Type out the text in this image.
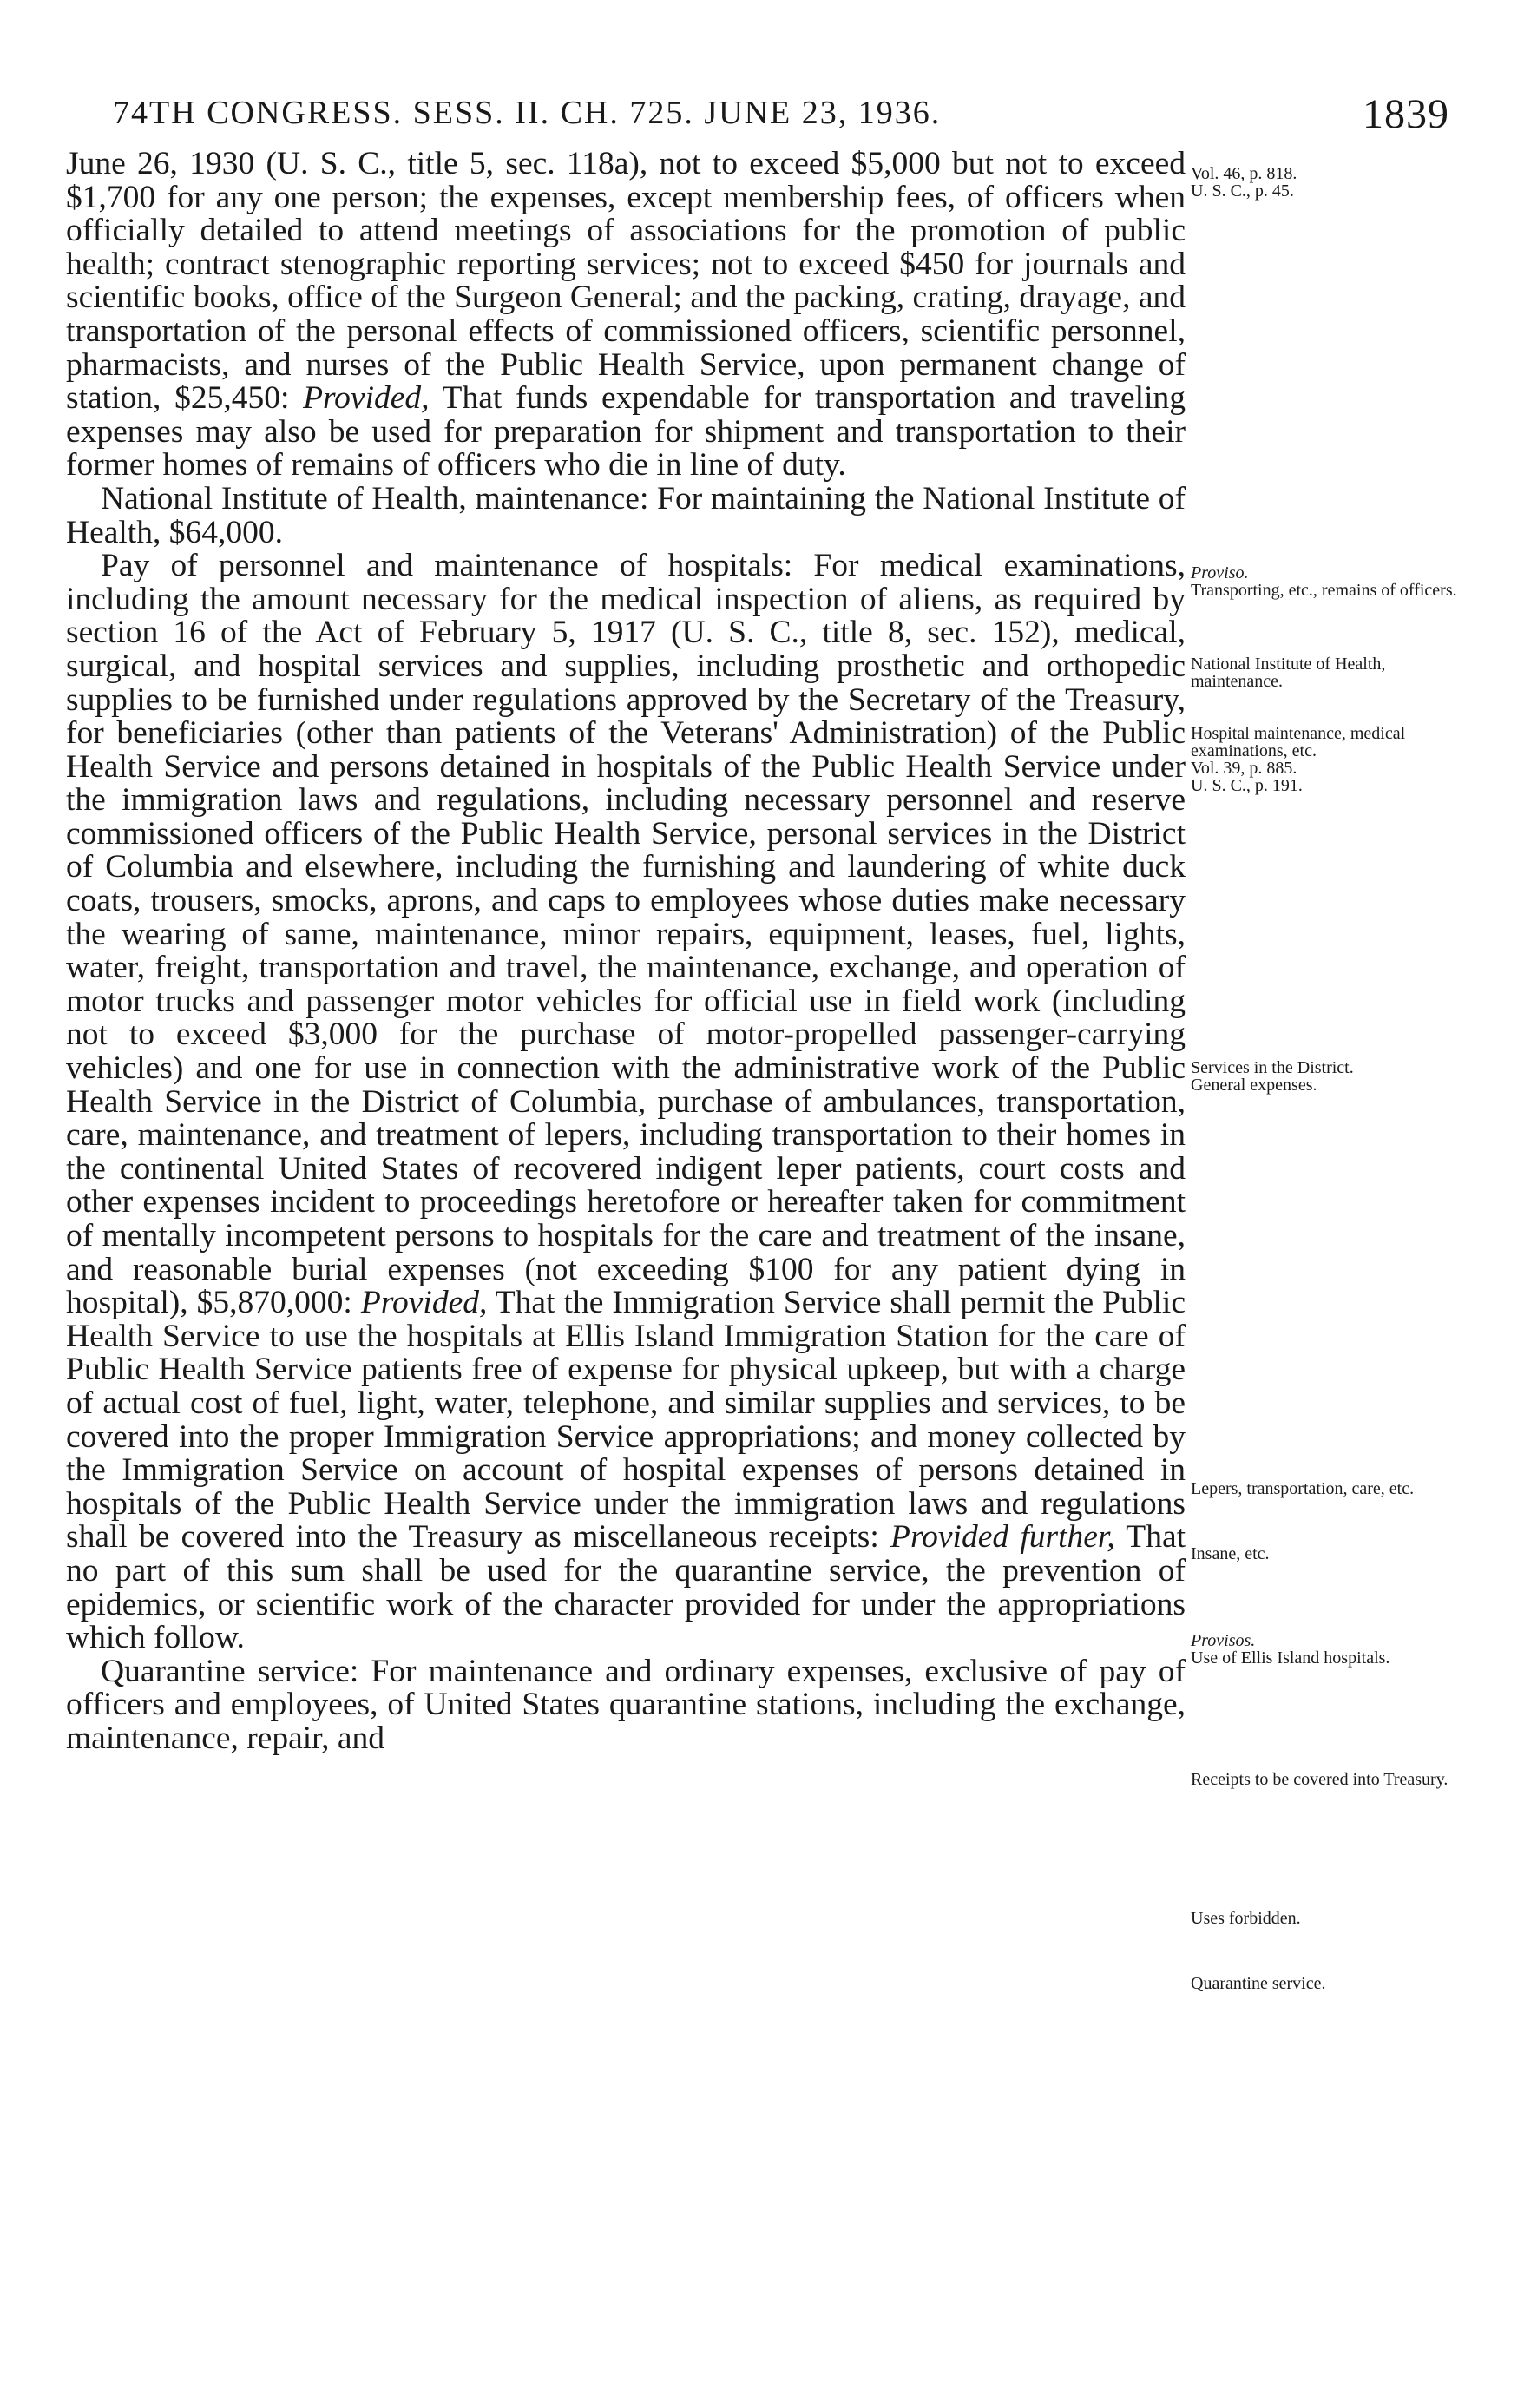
74TH CONGRESS. SESS. II. CH. 725. JUNE 23, 1936.	1839

June 26, 1930 (U. S. C., title 5, sec. 118a), not to exceed $5,000 but not to exceed $1,700 for any one person; the expenses, except membership fees, of officers when officially detailed to attend meetings of associations for the promotion of public health; contract stenographic reporting services; not to exceed $450 for journals and scientific books, office of the Surgeon General; and the packing, crating, drayage, and transportation of the personal effects of commissioned officers, scientific personnel, pharmacists, and nurses of the Public Health Service, upon permanent change of station, $25,450: Provided, That funds expendable for transportation and traveling expenses may also be used for preparation for shipment and transportation to their former homes of remains of officers who die in line of duty.

National Institute of Health, maintenance: For maintaining the National Institute of Health, $64,000.

Pay of personnel and maintenance of hospitals: For medical examinations, including the amount necessary for the medical inspection of aliens, as required by section 16 of the Act of February 5, 1917 (U. S. C., title 8, sec. 152), medical, surgical, and hospital services and supplies, including prosthetic and orthopedic supplies to be furnished under regulations approved by the Secretary of the Treasury, for beneficiaries (other than patients of the Veterans' Administration) of the Public Health Service and persons detained in hospitals of the Public Health Service under the immigration laws and regulations, including necessary personnel and reserve commissioned officers of the Public Health Service, personal services in the District of Columbia and elsewhere, including the furnishing and laundering of white duck coats, trousers, smocks, aprons, and caps to employees whose duties make necessary the wearing of same, maintenance, minor repairs, equipment, leases, fuel, lights, water, freight, transportation and travel, the maintenance, exchange, and operation of motor trucks and passenger motor vehicles for official use in field work (including not to exceed $3,000 for the purchase of motor-propelled passenger-carrying vehicles) and one for use in connection with the administrative work of the Public Health Service in the District of Columbia, purchase of ambulances, transportation, care, maintenance, and treatment of lepers, including transportation to their homes in the continental United States of recovered indigent leper patients, court costs and other expenses incident to proceedings heretofore or hereafter taken for commitment of mentally incompetent persons to hospitals for the care and treatment of the insane, and reasonable burial expenses (not exceeding $100 for any patient dying in hospital), $5,870,000: Provided, That the Immigration Service shall permit the Public Health Service to use the hospitals at Ellis Island Immigration Station for the care of Public Health Service patients free of expense for physical upkeep, but with a charge of actual cost of fuel, light, water, telephone, and similar supplies and services, to be covered into the proper Immigration Service appropriations; and money collected by the Immigration Service on account of hospital expenses of persons detained in hospitals of the Public Health Service under the immigration laws and regulations shall be covered into the Treasury as miscellaneous receipts: Provided further, That no part of this sum shall be used for the quarantine service, the prevention of epidemics, or scientific work of the character provided for under the appropriations which follow.

Quarantine service: For maintenance and ordinary expenses, exclusive of pay of officers and employees, of United States quarantine stations, including the exchange, maintenance, repair, and

Vol. 46, p. 818.
U. S. C., p. 45.
Proviso.
Transporting, etc., remains of officers.
National Institute of Health, maintenance.
Hospital maintenance, medical examinations, etc.
Vol. 39, p. 885.
U. S. C., p. 191.
Services in the District.
General expenses.
Lepers, transportation, care, etc.
Insane, etc.
Provisos.
Use of Ellis Island hospitals.
Receipts to be covered into Treasury.
Uses forbidden.
Quarantine service.
